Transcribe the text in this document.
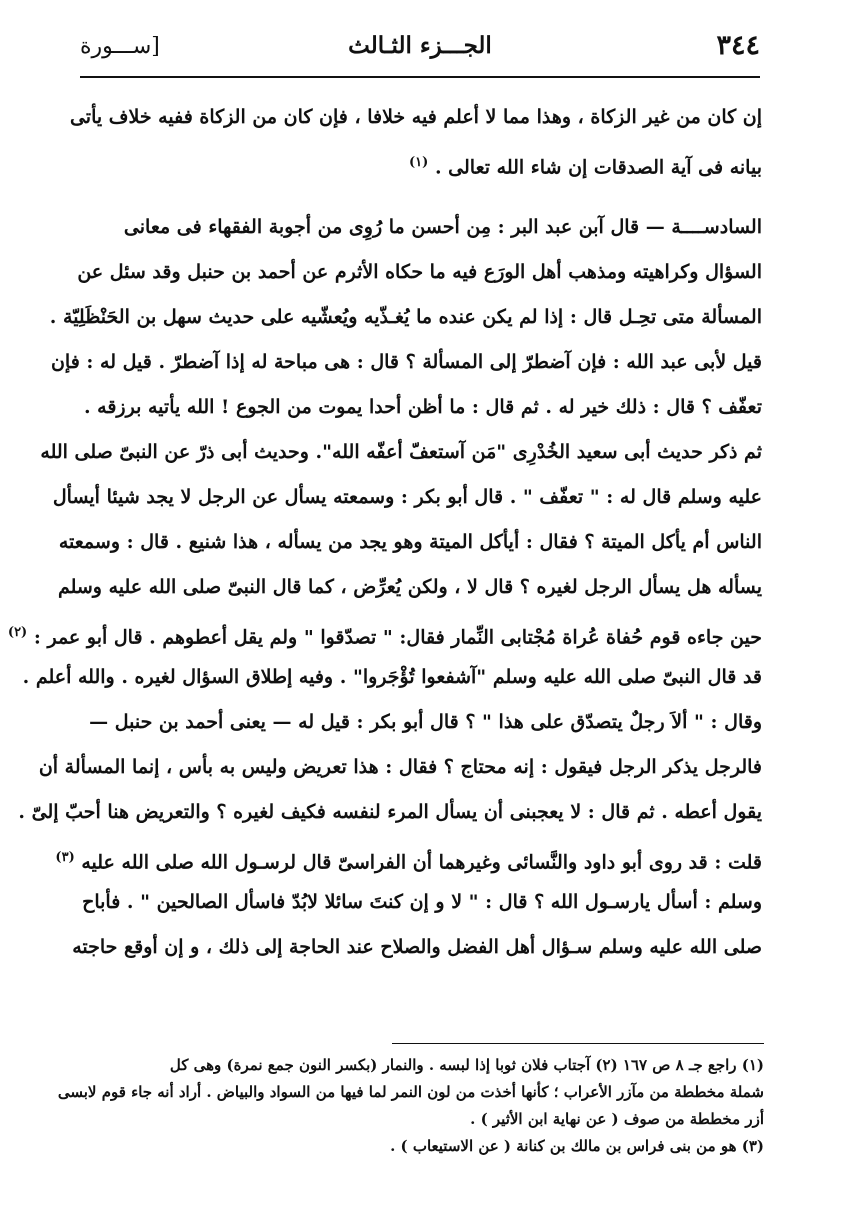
٣٤٤
الجـــزء الثـالث
[ســـورة
إن كان من غير الزكاة ، وهذا مما لا أعلم فيه خلافا ، فإن كان من الزكاة ففيه خلاف يأتى
بيانه فى آية الصدقات إن شاء الله تعالى . $^{(١)}$
السادســــة — قال آبن عبد البر : مِن أحسن ما رُوِى من أجوبة الفقهاء فى معانى
السؤال وكراهيته ومذهب أهل الورَع فيه ما حكاه الأثرم عن أحمد بن حنبل وقد سئل عن
المسألة متى تحِـل قال : إذا لم يكن عنده ما يُغـذّيه ويُعشّيه على حديث سهل بن الحَنْظَلِيّة .
قيل لأبى عبد الله : فإن آضطرّ إلى المسألة ؟ قال : هى مباحة له إذا آضطرّ . قيل له : فإن
تعفّف ؟ قال : ذلك خير له . ثم قال : ما أظن أحدا يموت من الجوع ! الله يأتيه برزقه .
ثم ذكر حديث أبى سعيد الخُدْرِى "مَن آستعفّ أعفّه الله". وحديث أبى ذرّ عن النبىّ صلى الله
عليه وسلم قال له : " تعفّف " . قال أبو بكر : وسمعته يسأل عن الرجل لا يجد شيئا أيسأل
الناس أم يأكل الميتة ؟ فقال : أيأكل الميتة وهو يجد من يسأله ، هذا شنيع . قال : وسمعته
يسأله هل يسأل الرجل لغيره ؟ قال لا ، ولكن يُعرِّض ، كما قال النبىّ صلى الله عليه وسلم
حين جاءه قوم حُفاة عُراة مُجْتابى النِّمار فقال: " تصدّقوا " ولم يقل أعطوهم . قال أبو عمر : $^{(٢)}$
قد قال النبىّ صلى الله عليه وسلم "آشفعوا تُؤْجَروا" . وفيه إطلاق السؤال لغيره . والله أعلم .
وقال : " ألاَ رجلٌ يتصدّق على هذا " ؟ قال أبو بكر : قيل له — يعنى أحمد بن حنبل —
فالرجل يذكر الرجل فيقول : إنه محتاج ؟ فقال : هذا تعريض وليس به بأس ، إنما المسألة أن
يقول أعطه . ثم قال : لا يعجبنى أن يسأل المرء لنفسه فكيف لغيره ؟ والتعريض هنا أحبّ إلىّ .
قلت : قد روى أبو داود والنَّسائى وغيرهما أن الفراسىّ قال لرسـول الله صلى الله عليه $^{(٣)}$
وسلم : أسأل يارسـول الله ؟ قال : " لا و إن كنتَ سائلا لابُدّ فاسأل الصالحين " . فأباح
صلى الله عليه وسلم سـؤال أهل الفضل والصلاح عند الحاجة إلى ذلك ، و إن أوقع حاجته
(١) راجع جـ ٨ ص ١٦٧ (٢) آجتاب فلان ثوبا إذا لبسه . والنمار (بكسر النون جمع نمرة) وهى كل
شملة مخططة من مآزر الأعراب ؛ كأنها أخذت من لون النمر لما فيها من السواد والبياض . أراد أنه جاء قوم لابسى
أزر مخططة من صوف ( عن نهاية ابن الأثير ) .
(٣) هو من بنى فراس بن مالك بن كنانة ( عن الاستيعاب ) .
